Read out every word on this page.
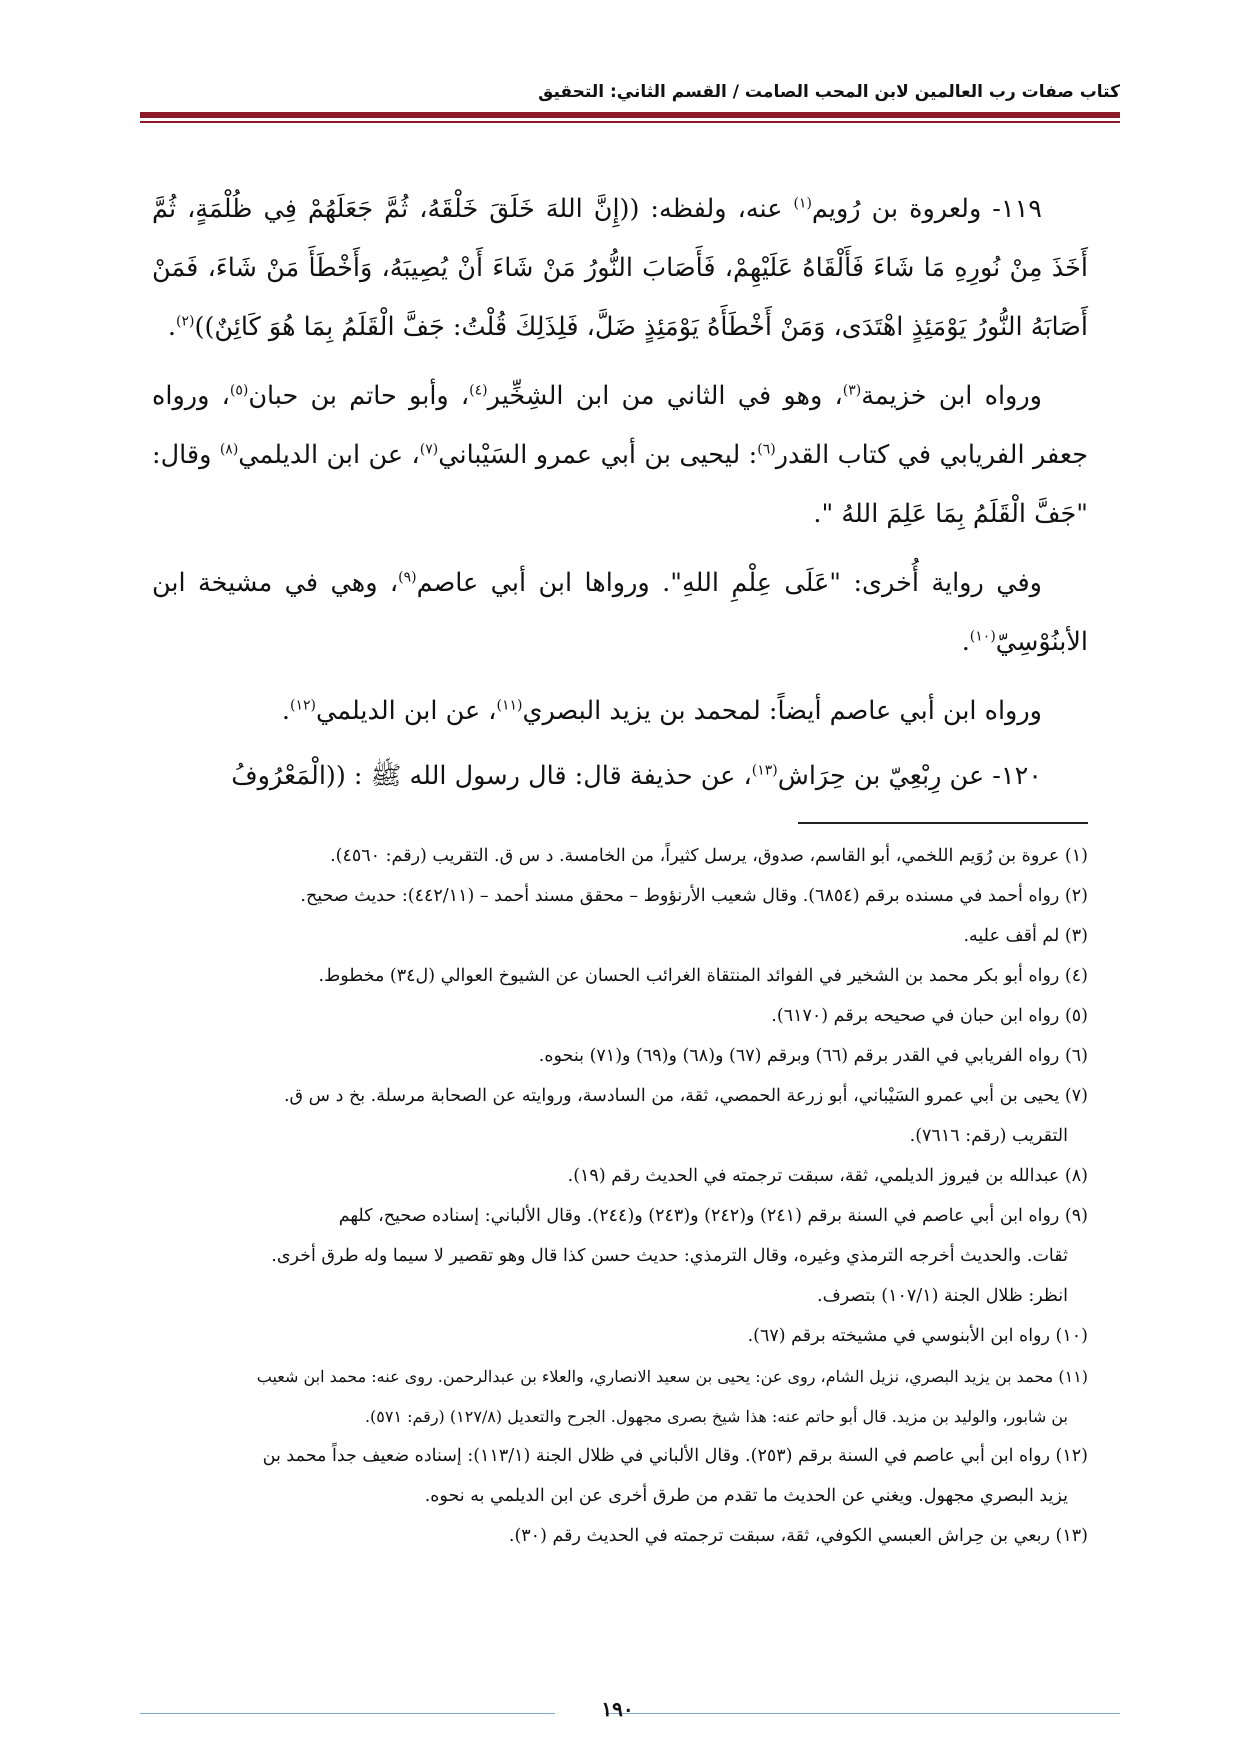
كتاب صفات رب العالمين لابن المحب الصامت / القسم الثاني: التحقيق

١١٩- ولعروة بن رُويم$^{(١)}$ عنه، ولفظه: ((إِنَّ اللهَ خَلَقَ خَلْقَهُ، ثُمَّ جَعَلَهُمْ فِي ظُلْمَةٍ، ثُمَّ أَخَذَ مِنْ نُورِهِ مَا شَاءَ فَأَلْقَاهُ عَلَيْهِمْ، فَأَصَابَ النُّورُ مَنْ شَاءَ أَنْ يُصِيبَهُ، وَأَخْطَأَ مَنْ شَاءَ، فَمَنْ أَصَابَهُ النُّورُ يَوْمَئِذٍ اهْتَدَى، وَمَنْ أَخْطَأَهُ يَوْمَئِذٍ ضَلَّ، فَلِذَلِكَ قُلْتُ: جَفَّ الْقَلَمُ بِمَا هُوَ كَائِنٌ))$^{(٢)}$.

ورواه ابن خزيمة$^{(٣)}$، وهو في الثاني من ابن الشِخِّير$^{(٤)}$، وأبو حاتم بن حبان$^{(٥)}$، ورواه جعفر الفريابي في كتاب القدر$^{(٦)}$: ليحيى بن أبي عمرو السَيْباني$^{(٧)}$، عن ابن الديلمي$^{(٨)}$ وقال: "جَفَّ الْقَلَمُ بِمَا عَلِمَ اللهُ ".

وفي رواية أُخرى: "عَلَى عِلْمِ اللهِ". ورواها ابن أبي عاصم$^{(٩)}$، وهي في مشيخة ابن الأبنُوْسِيّ$^{(١٠)}$.

ورواه ابن أبي عاصم أيضاً: لمحمد بن يزيد البصري$^{(١١)}$، عن ابن الديلمي$^{(١٢)}$.

١٢٠- عن رِبْعِيّ بن حِرَاش$^{(١٣)}$، عن حذيفة قال: قال رسول الله ﷺ : ((الْمَعْرُوفُ

(١) عروة بن رُوَيم اللخمي، أبو القاسم، صدوق، يرسل كثيراً، من الخامسة. د س ق. التقريب (رقم: ٤٥٦٠).
(٢) رواه أحمد في مسنده برقم (٦٨٥٤). وقال شعيب الأرنؤوط – محقق مسند أحمد – (٤٤٢/١١): حديث صحيح.
(٣) لم أقف عليه.
(٤) رواه أبو بكر محمد بن الشخير في الفوائد المنتقاة الغرائب الحسان عن الشيوخ العوالي (ل٣٤) مخطوط.
(٥) رواه ابن حبان في صحيحه برقم (٦١٧٠).
(٦) رواه الفريابي في القدر برقم (٦٦) وبرقم (٦٧) و(٦٨) و(٦٩) و(٧١) بنحوه.
(٧) يحيى بن أبي عمرو السَيْباني، أبو زرعة الحمصي، ثقة، من السادسة، وروايته عن الصحابة مرسلة. بخ د س ق.
التقريب (رقم: ٧٦١٦).
(٨) عبدالله بن فيروز الديلمي، ثقة، سبقت ترجمته في الحديث رقم (١٩).
(٩) رواه ابن أبي عاصم في السنة برقم (٢٤١) و(٢٤٢) و(٢٤٣) و(٢٤٤). وقال الألباني: إسناده صحيح، كلهم
ثقات. والحديث أخرجه الترمذي وغيره، وقال الترمذي: حديث حسن كذا قال وهو تقصير لا سيما وله طرق أخرى.
انظر: ظلال الجنة (١٠٧/١) بتصرف.
(١٠) رواه ابن الأبنوسي في مشيخته برقم (٦٧).
(١١) محمد بن يزيد البصري، نزيل الشام، روى عن: يحيى بن سعيد الانصاري، والعلاء بن عبدالرحمن. روى عنه: محمد ابن شعيب
بن شابور، والوليد بن مزيد. قال أبو حاتم عنه: هذا شيخ بصرى مجهول. الجرح والتعديل (١٢٧/٨) (رقم: ٥٧١).
(١٢) رواه ابن أبي عاصم في السنة برقم (٢٥٣). وقال الألباني في ظلال الجنة (١١٣/١): إسناده ضعيف جداً محمد بن
يزيد البصري مجهول. ويغني عن الحديث ما تقدم من طرق أخرى عن ابن الديلمي به نحوه.
(١٣) ربعي بن حِراش العبسي الكوفي، ثقة، سبقت ترجمته في الحديث رقم (٣٠).
١٩٠
